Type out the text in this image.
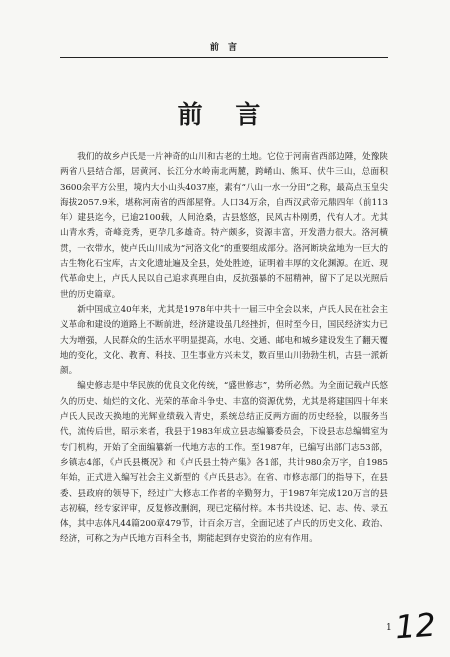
前 言
前 言

我们的故乡卢氏是一片神奇的山川和古老的土地。它位于河南省西部边陲，处豫陕两省八县结合部，居黄河、长江分水岭南北两麓，跨崤山、熊耳、伏牛三山，总面积3600余平方公里，境内大小山头4037座，素有“八山一水一分田”之称，最高点玉皇尖海拔2057.9米，堪称河南省的西部屋脊。人口34万余，自西汉武帝元鼎四年（前113年）建县迄今，已逾2100载，人间沧桑，古县悠悠，民风古朴刚勇，代有人才。尤其山青水秀，奇峰竞秀，更孕几多雄奇。特产颇多，资源丰富，开发潜力很大。洛河横贯，一衣带水，使卢氏山川成为“河洛文化”的重要组成部分。洛河断块盆地为一巨大的古生物化石宝库，古文化遗址遍及全县，处处胜迹，证明着丰厚的文化渊源。在近、现代革命史上，卢氏人民以自己追求真理自由，反抗强暴的不屈精神，留下了足以光照后世的历史篇章。

新中国成立40年来，尤其是1978年中共十一届三中全会以来，卢氏人民在社会主义革命和建设的道路上不断前进，经济建设虽几经挫折，但时至今日，国民经济实力已大为增强，人民群众的生活水平明显提高，水电、交通、邮电和城乡建设发生了翻天覆地的变化，文化、教育、科技、卫生事业方兴未艾，数百里山川勃勃生机，古县一派新颜。

编史修志是中华民族的优良文化传统，“盛世修志”，势所必然。为全面记载卢氏悠久的历史、灿烂的文化、光荣的革命斗争史、丰富的资源优势，尤其是将建国四十年来卢氏人民改天换地的光辉业绩载入青史，系统总结正反两方面的历史经验，以服务当代，流传后世，昭示来者，我县于1983年成立县志编纂委员会，下设县志总编辑室为专门机构，开始了全面编纂新一代地方志的工作。至1987年，已编写出部门志53部，乡镇志4部，《卢氏县概况》和《卢氏县土特产集》各1部，共计980余万字，自1985年始，正式进入编写社会主义新型的《卢氏县志》。在省、市修志部门的指导下，在县委、县政府的领导下，经过广大修志工作者的辛勤努力，于1987年完成120万言的县志初稿，经专家评审，反复修改删润，现已定稿付梓。本书共设述、记、志、传、录五体，其中志体凡44篇200章479节，计百余万言，全面记述了卢氏的历史文化、政治、经济，可称之为卢氏地方百科全书，期能起到存史资治的应有作用。

1 12
